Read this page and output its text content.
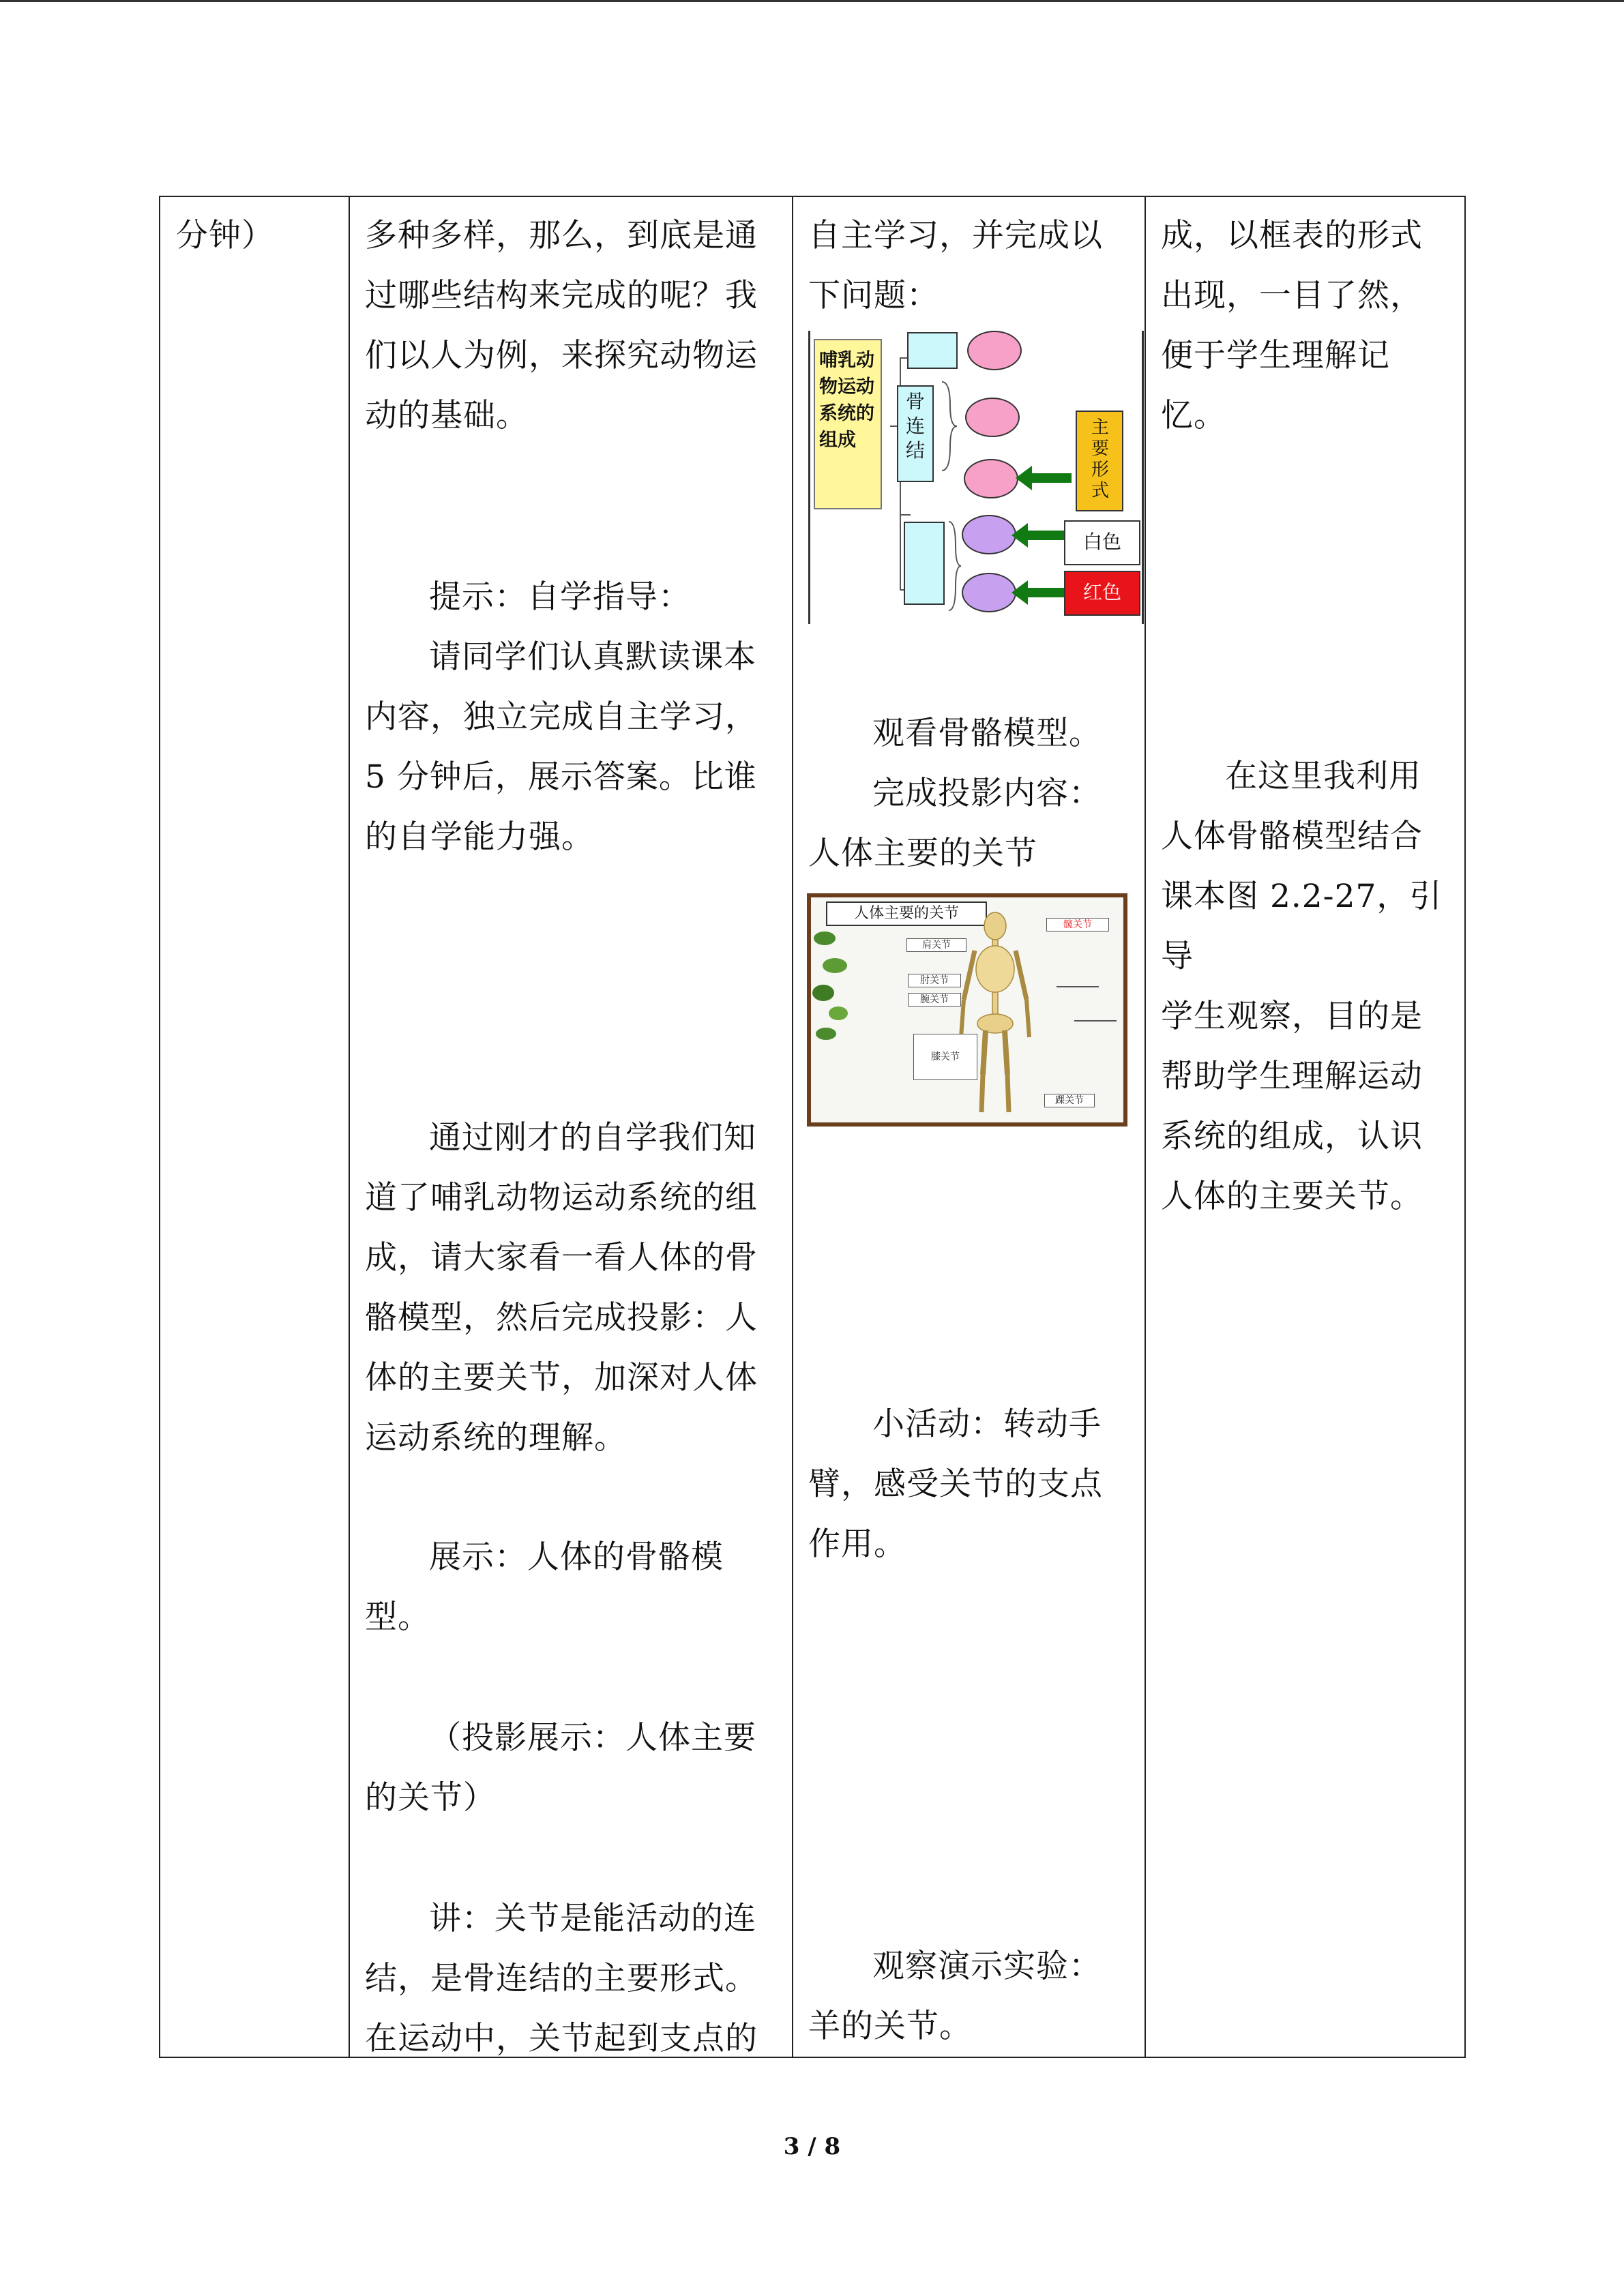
分钟）	多种多样，那么，到底是通
过哪些结构来完成的呢？我
们以人为例，来探究动物运
动的基础。
提示：自学指导：
请同学们认真默读课本
内容，独立完成自主学习，
5 分钟后，展示答案。比谁
的自学能力强。
通过刚才的自学我们知
道了哺乳动物运动系统的组
成，请大家看一看人体的骨
骼模型，然后完成投影：人
体的主要关节，加深对人体
运动系统的理解。
展示：人体的骨骼模
型。
（投影展示：人体主要
的关节）
讲：关节是能活动的连
结，是骨连结的主要形式。
在运动中，关节起到支点的
自主学习，并完成以
下问题：
哺乳动物运动系统的组成
骨连结
主要形式
白色
红色
观看骨骼模型。
完成投影内容：
人体主要的关节
人体主要的关节
髋关节
肩关节
肘关节
腕关节
膝关节
踝关节
小活动：转动手
臂，感受关节的支点
作用。
观察演示实验：
羊的关节。
成，以框表的形式
出现，一目了然，
便于学生理解记
忆。
在这里我利用
人体骨骼模型结合
课本图 2.2-27，引导
学生观察，目的是
帮助学生理解运动
系统的组成，认识
人体的主要关节。
3 / 8
